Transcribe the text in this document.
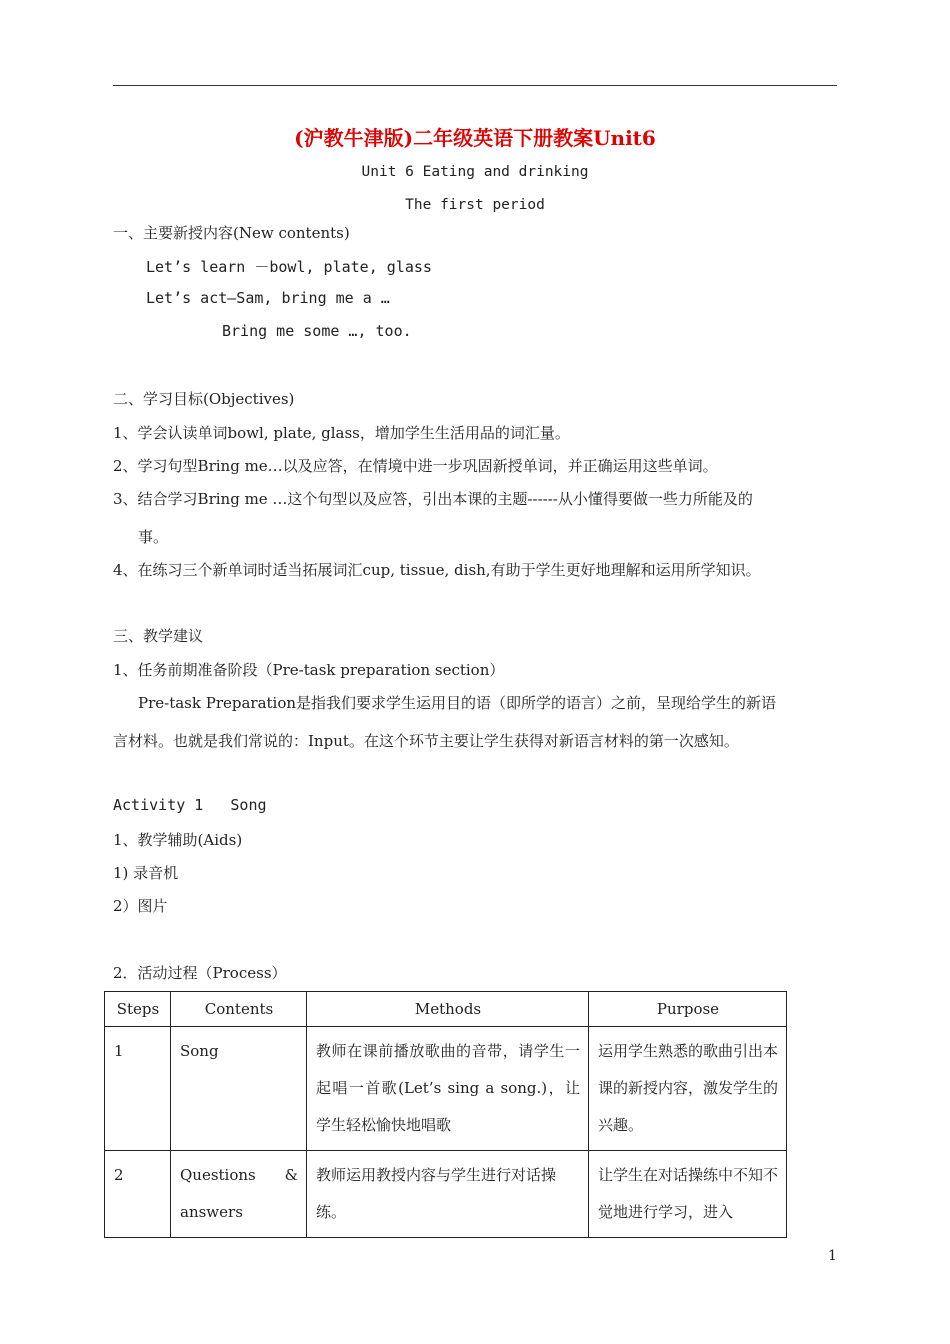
(沪教牛津版)二年级英语下册教案Unit6
Unit 6 Eating and drinking
The first period
一、主要新授内容(New contents)
Let’s learn －bowl, plate, glass
Let’s act—Sam, bring me a …
Bring me some …, too.
二、学习目标(Objectives)
1、学会认读单词bowl, plate, glass，增加学生生活用品的词汇量。
2、学习句型Bring me…以及应答，在情境中进一步巩固新授单词，并正确运用这些单词。
3、结合学习Bring me …这个句型以及应答，引出本课的主题------从小懂得要做一些力所能及的
事。
4、在练习三个新单词时适当拓展词汇cup, tissue, dish,有助于学生更好地理解和运用所学知识。
三、教学建议
1、任务前期准备阶段（Pre-task preparation section）
Pre-task Preparation是指我们要求学生运用目的语（即所学的语言）之前，呈现给学生的新语
言材料。也就是我们常说的：Input。在这个环节主要让学生获得对新语言材料的第一次感知。
Activity 1   Song
1、教学辅助(Aids)
1) 录音机
2）图片
2．活动过程（Process）
Steps	Contents	Methods	Purpose
1	Song	教师在课前播放歌曲的音带，请学生一起唱一首歌(Let’s sing a song.)，让学生轻松愉快地唱歌	运用学生熟悉的歌曲引出本课的新授内容，激发学生的兴趣。
2	Questions & answers	教师运用教授内容与学生进行对话操练。	让学生在对话操练中不知不觉地进行学习，进入
1
